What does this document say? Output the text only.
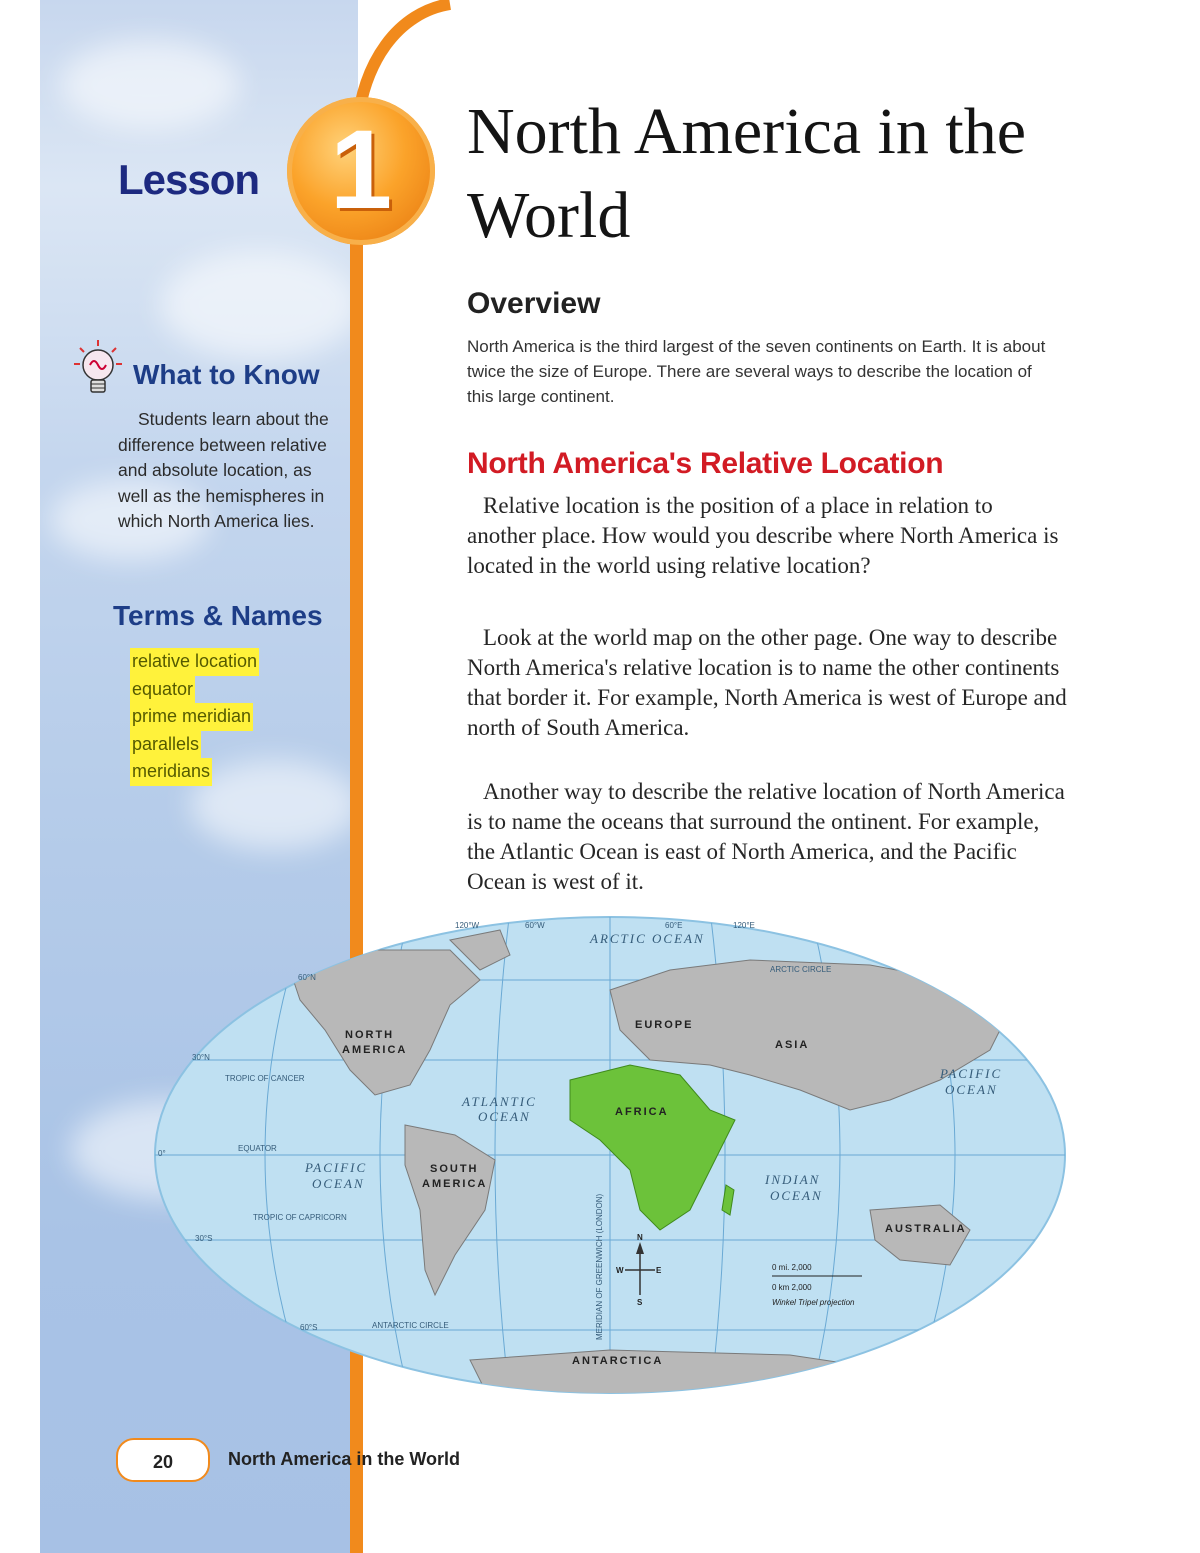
Lesson 1	North America in the World
What to Know
Students learn about the difference between relative and absolute location, as well as the hemispheres in which North America lies.
Terms & Names
relative location
equator
prime meridian
parallels
meridians
Overview
North America is the third largest of the seven continents on Earth. It is about twice the size of Europe. There are several ways to describe the location of this large continent.
North America's Relative Location

Relative location is the position of a place in relation to another place. How would you describe where North America is located in the world using relative location?

Look at the world map on the other page. One way to describe North America's relative location is to name the other continents that border it. For example, North America is west of Europe and north of South America.

Another way to describe the relative location of North America is to name the oceans that surround the ontinent. For example, the Atlantic Ocean is east of North America, and the Pacific Ocean is west of it.

NORTH
AMERICA
SOUTH
AMERICA
EUROPE
ASIA
AFRICA
AUSTRALIA
ANTARCTICA
ARCTIC OCEAN
ATLANTIC
OCEAN
PACIFIC
OCEAN
PACIFIC
OCEAN
INDIAN
OCEAN
ARCTIC CIRCLE
TROPIC OF CANCER
EQUATOR
TROPIC OF CAPRICORN
ANTARCTIC CIRCLE	MERIDIAN OF GREENWICH (LONDON)
60°N
30°N
0°
30°S
60°S
120°W	60°W	60°E	120°E
N
S
W	E	0 mi. 2,000
0 km 2,000
Winkel Tripel projection
20	North America in the World
